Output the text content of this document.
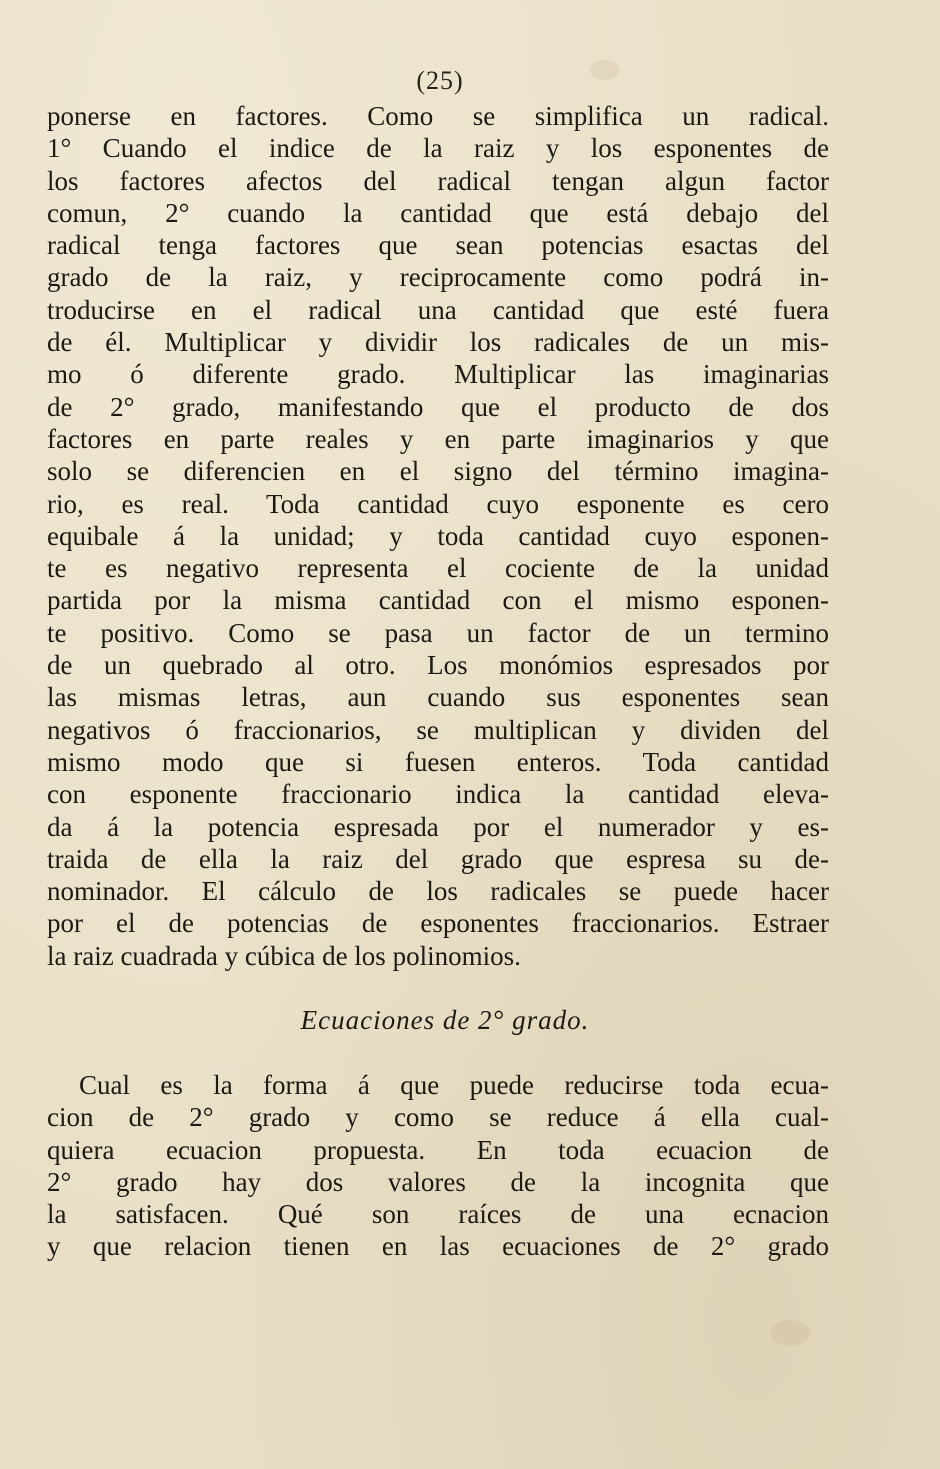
(25)
ponerse en factores. Como se simplifica un radical.
1° Cuando el indice de la raiz y los esponentes de
los factores afectos del radical tengan algun factor
comun, 2° cuando la cantidad que está debajo del
radical tenga factores que sean potencias esactas del
grado de la raiz, y reciprocamente como podrá in-
troducirse en el radical una cantidad que esté fuera
de él. Multiplicar y dividir los radicales de un mis-
mo ó diferente grado. Multiplicar las imaginarias
de 2° grado, manifestando que el producto de dos
factores en parte reales y en parte imaginarios y que
solo se diferencien en el signo del término imagina-
rio, es real. Toda cantidad cuyo esponente es cero
equibale á la unidad; y toda cantidad cuyo esponen-
te es negativo representa el cociente de la unidad
partida por la misma cantidad con el mismo esponen-
te positivo. Como se pasa un factor de un termino
de un quebrado al otro. Los monómios espresados por
las mismas letras, aun cuando sus esponentes sean
negativos ó fraccionarios, se multiplican y dividen del
mismo modo que si fuesen enteros. Toda cantidad
con esponente fraccionario indica la cantidad eleva-
da á la potencia espresada por el numerador y es-
traida de ella la raiz del grado que espresa su de-
nominador. El cálculo de los radicales se puede hacer
por el de potencias de esponentes fraccionarios. Estraer
la raiz cuadrada y cúbica de los polinomios.
Ecuaciones de 2° grado.
Cual es la forma á que puede reducirse toda ecua-
cion de 2° grado y como se reduce á ella cual-
quiera ecuacion propuesta. En toda ecuacion de
2° grado hay dos valores de la incognita que
la satisfacen. Qué son raíces de una ecnacion
y que relacion tienen en las ecuaciones de 2° grado
